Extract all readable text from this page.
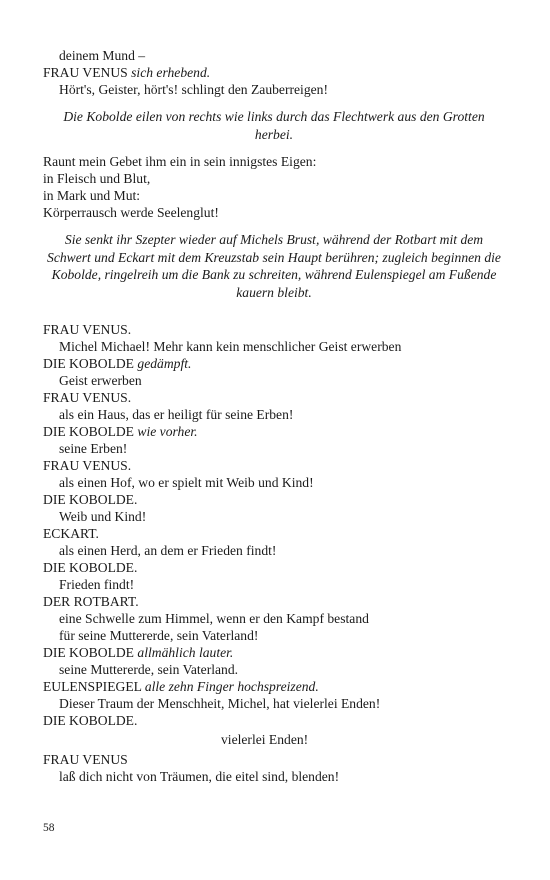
deinem Mund –
FRAU VENUS sich erhebend.
Hört's, Geister, hört's! schlingt den Zauberreigen!
Die Kobolde eilen von rechts wie links durch das Flechtwerk aus den Grotten herbei.
Raunt mein Gebet ihm ein in sein innigstes Eigen:
in Fleisch und Blut,
in Mark und Mut:
Körperrausch werde Seelenglut!
Sie senkt ihr Szepter wieder auf Michels Brust, während der Rotbart mit dem Schwert und Eckart mit dem Kreuzstab sein Haupt berühren; zugleich beginnen die Kobolde, ringelreih um die Bank zu schreiten, während Eulenspiegel am Fußende kauern bleibt.
FRAU VENUS.
Michel Michael! Mehr kann kein menschlicher Geist erwerben
DIE KOBOLDE gedämpft.
Geist erwerben
FRAU VENUS.
als ein Haus, das er heiligt für seine Erben!
DIE KOBOLDE wie vorher.
seine Erben!
FRAU VENUS.
als einen Hof, wo er spielt mit Weib und Kind!
DIE KOBOLDE.
Weib und Kind!
ECKART.
als einen Herd, an dem er Frieden findt!
DIE KOBOLDE.
Frieden findt!
DER ROTBART.
eine Schwelle zum Himmel, wenn er den Kampf bestand
für seine Muttererde, sein Vaterland!
DIE KOBOLDE allmählich lauter.
seine Muttererde, sein Vaterland.
EULENSPIEGEL alle zehn Finger hochspreizend.
Dieser Traum der Menschheit, Michel, hat vielerlei Enden!
DIE KOBOLDE.
vielerlei Enden!
FRAU VENUS
laß dich nicht von Träumen, die eitel sind, blenden!
58
